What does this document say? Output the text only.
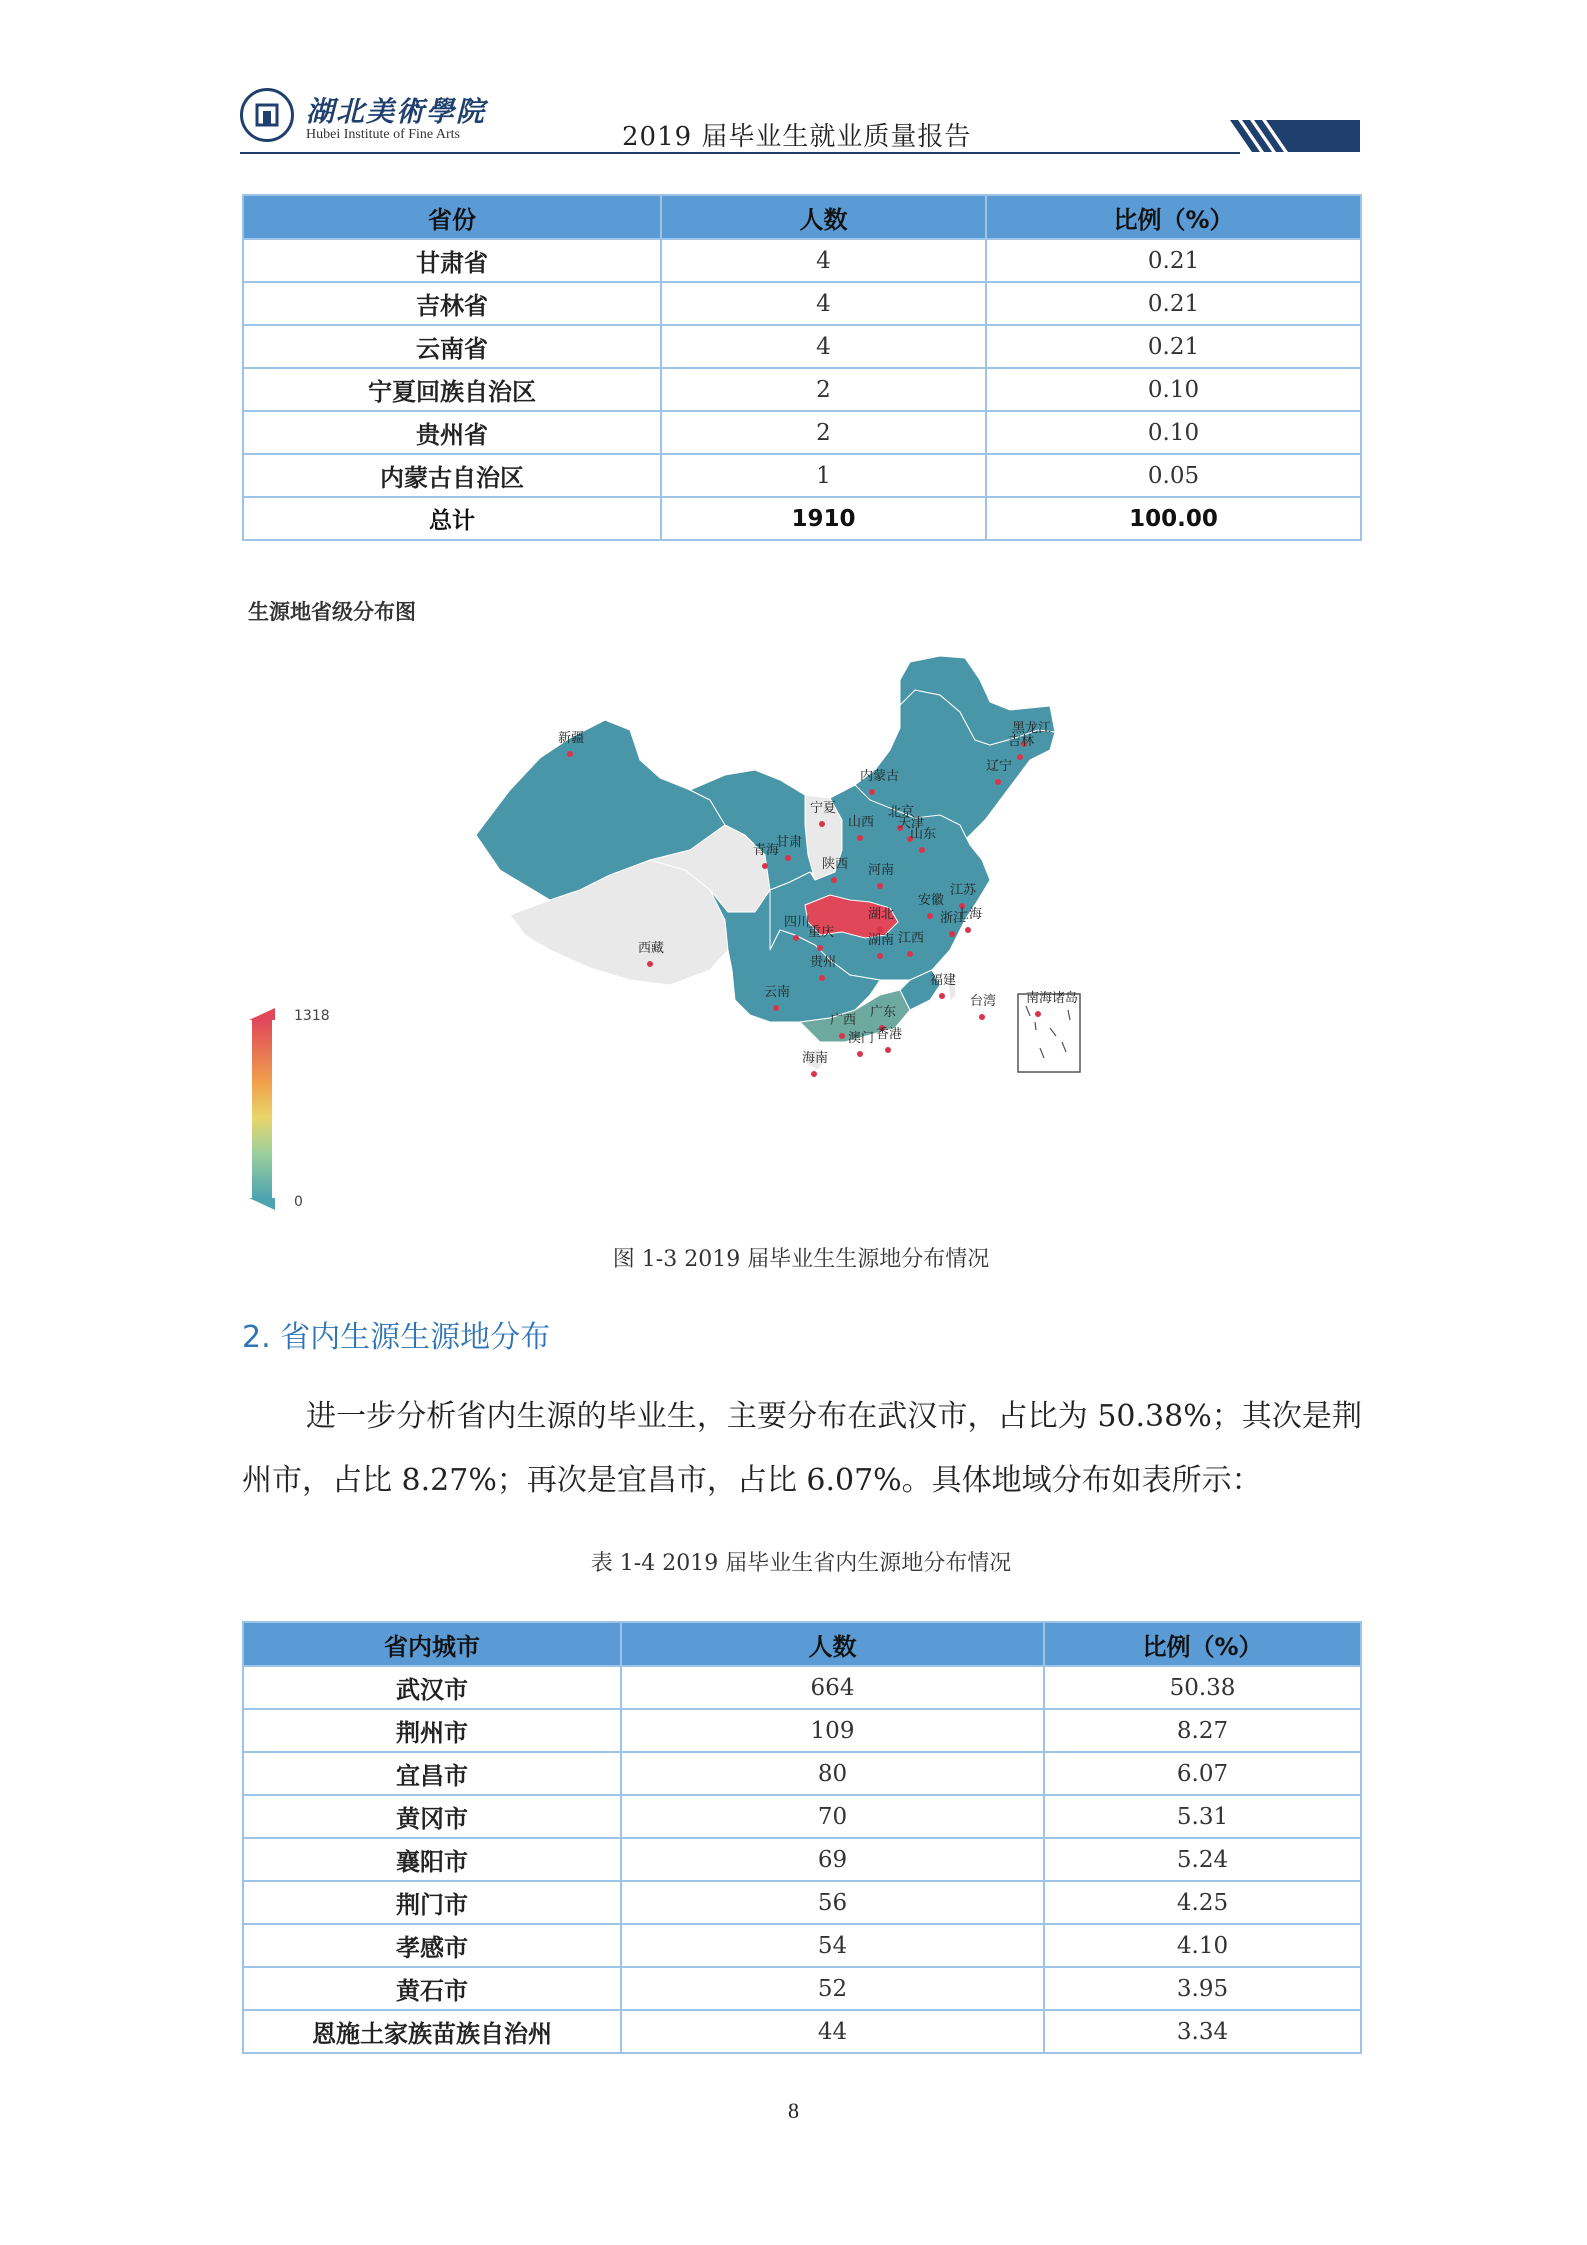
湖北美術學院
Hubei Institute of Fine Arts	2019 届毕业生就业质量报告
省份	人数	比例（%）
甘肃省	4	0.21
吉林省	4	0.21
云南省	4	0.21
宁夏回族自治区	2	0.10
贵州省	2	0.10
内蒙古自治区	1	0.05
总计	1910	100.00
生源地省级分布图
新疆
黑龙江
吉林
内蒙古
辽宁
宁夏	北京
山西 天津
山东
甘肃
青海
陕西 河南
江苏
安徽
上海
浙江
湖北
四川
重庆
西藏
湖南 江西
贵州
福建
云南
台湾 南海诸岛
广西
广东
澳门 香港
海南
1318
0
图 1-3 2019 届毕业生生源地分布情况
2. 省内生源生源地分布
进一步分析省内生源的毕业生，主要分布在武汉市，占比为 50.38%；其次是荆州市，占比 8.27%；再次是宜昌市，占比 6.07%。具体地域分布如表所示：
表 1-4 2019 届毕业生省内生源地分布情况
省内城市	人数	比例（%）
武汉市	664	50.38
荆州市	109	8.27
宜昌市	80	6.07
黄冈市	70	5.31
襄阳市	69	5.24
荆门市	56	4.25
孝感市	54	4.10
黄石市	52	3.95
恩施土家族苗族自治州	44	3.34
8
